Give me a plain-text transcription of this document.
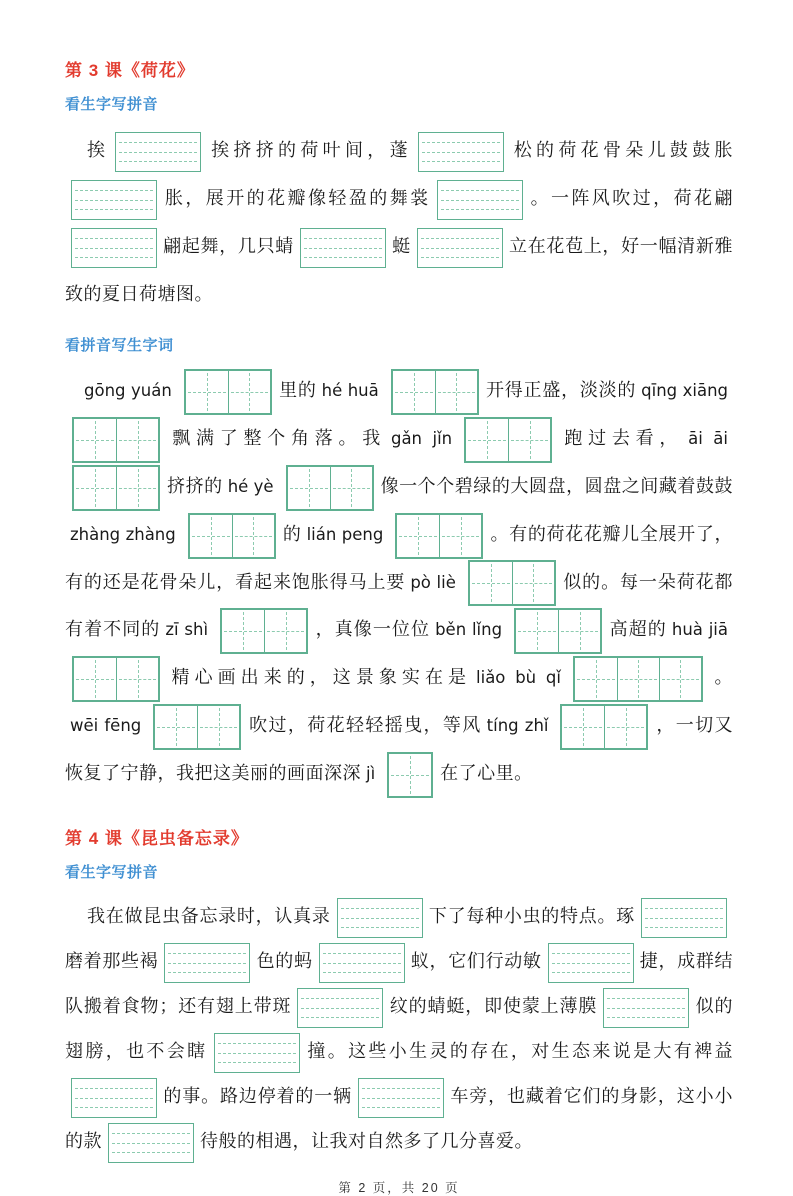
第 3 课《荷花》
看生字写拼音
挨	挨挤挤的荷叶间，蓬	松的荷花骨朵儿鼓鼓胀
胀，展开的花瓣像轻盈的舞裳	。一阵风吹过，荷花翩
翩起舞，几只蜻	蜓	立在花苞上，好一幅清新雅致的夏日荷塘图。
看拼音写生字词
gōng yuán	里的 hé huā	开得正盛，淡淡的 qīng xiāng
飘满了整个角落。我 gǎn jǐn	跑过去看， āi āi
挤挤的 hé yè	像一个个碧绿的大圆盘，圆盘之间藏着鼓鼓zhàng zhàng	的 lián peng	。有的荷花花瓣儿全展开了，有的还是花骨朵儿，看起来饱胀得马上要 pò liè	似的。每一朵荷花都有着不同的 zī shì	，真像一位位 běn lǐng	高超的 huà jiā
精心画出来的，这景象实在是 liǎo bù qǐ	。wēi fēng	吹过，荷花轻轻摇曳，等风 tíng zhǐ	，一切又恢复了宁静，我把这美丽的画面深深 jì	在了心里。
第 4 课《昆虫备忘录》
看生字写拼音
我在做昆虫备忘录时，认真录	下了每种小虫的特点。琢
磨着那些褐	色的蚂	蚁，它们行动敏	捷，成群结队搬着食物；还有翅上带斑	纹的蜻蜓，即使蒙上薄膜	似的翅膀，也不会瞎	撞。这些小生灵的存在，对生态来说是大有裨益
的事。路边停着的一辆	车旁，也藏着它们的身影，这小小的款	待般的相遇，让我对自然多了几分喜爱。
第 2 页，共 20 页
